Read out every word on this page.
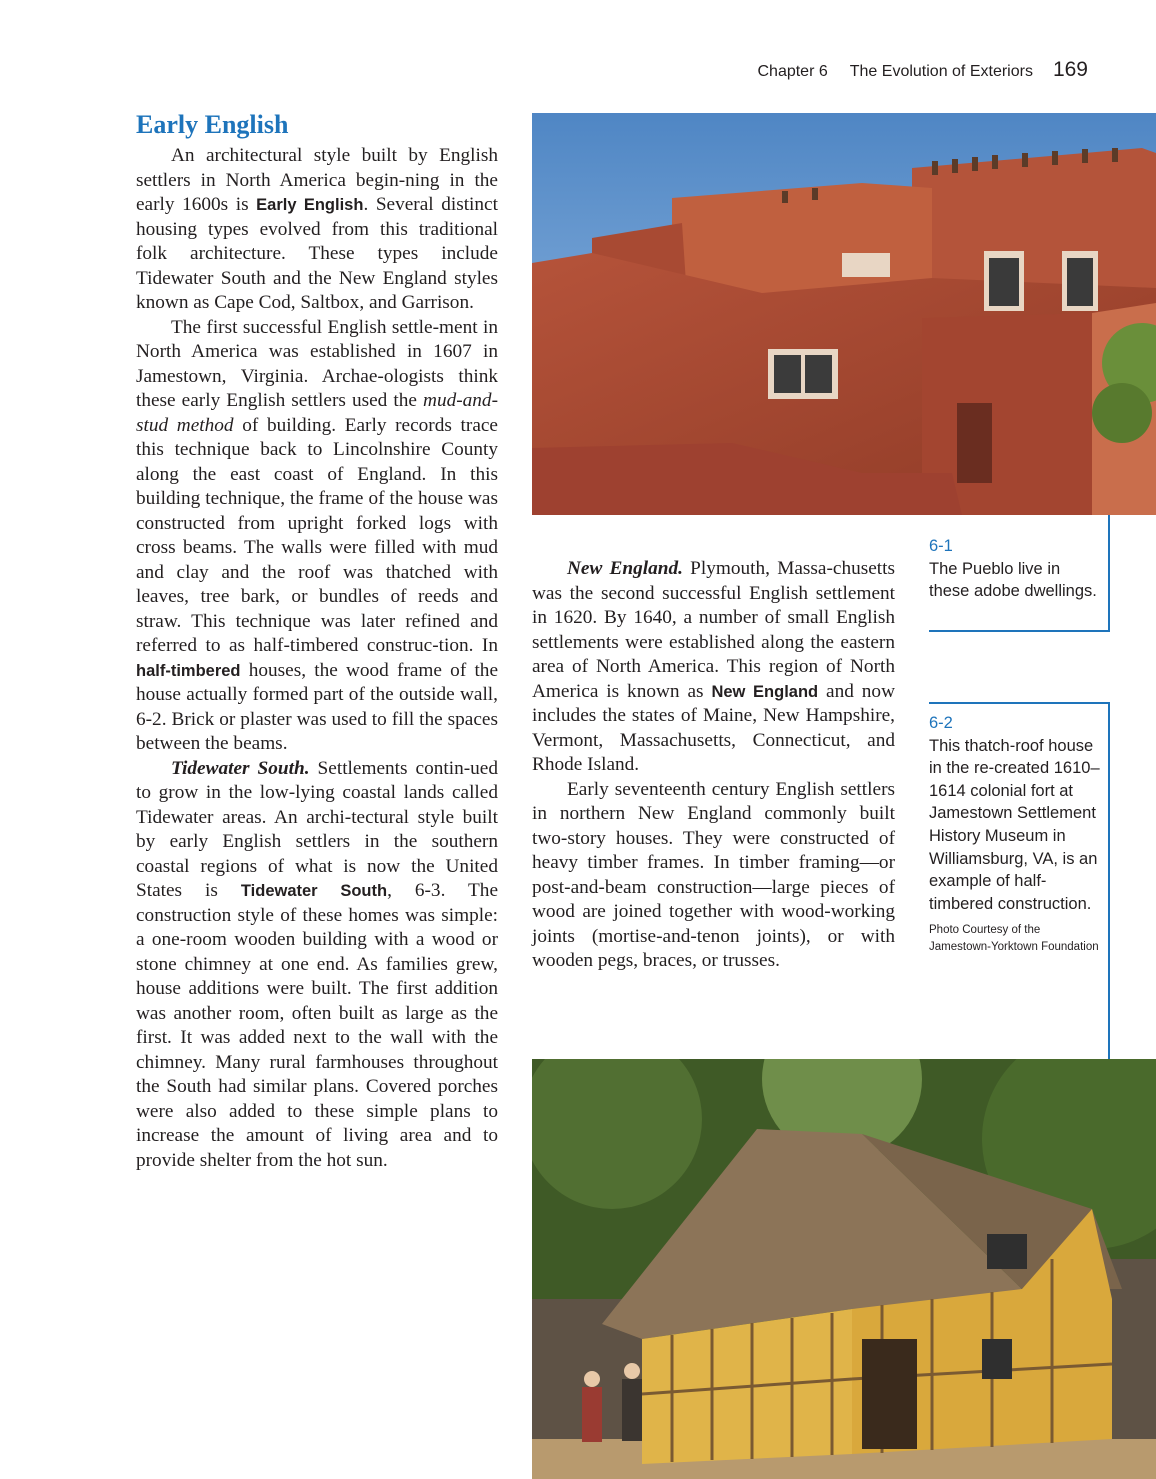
Chapter 6 The Evolution of Exteriors 169
Early English

An architectural style built by English settlers in North America begin-ning in the early 1600s is Early English. Several distinct housing types evolved from this traditional folk architecture. These types include Tidewater South and the New England styles known as Cape Cod, Saltbox, and Garrison.

The first successful English settle-ment in North America was established in 1607 in Jamestown, Virginia. Archae-ologists think these early English settlers used the mud-and-stud method of building. Early records trace this technique back to Lincolnshire County along the east coast of England. In this building technique, the frame of the house was constructed from upright forked logs with cross beams. The walls were filled with mud and clay and the roof was thatched with leaves, tree bark, or bundles of reeds and straw. This technique was later refined and referred to as half-timbered construc-tion. In half-timbered houses, the wood frame of the house actually formed part of the outside wall, 6-2. Brick or plaster was used to fill the spaces between the beams.

Tidewater South. Settlements contin-ued to grow in the low-lying coastal lands called Tidewater areas. An archi-tectural style built by early English settlers in the southern coastal regions of what is now the United States is Tidewater South, 6-3. The construction style of these homes was simple: a one-room wooden building with a wood or stone chimney at one end. As families grew, house additions were built. The first addition was another room, often built as large as the first. It was added next to the wall with the chimney. Many rural farmhouses throughout the South had similar plans. Covered porches were also added to these simple plans to increase the amount of living area and to provide shelter from the hot sun.

New England. Plymouth, Massa-chusetts was the second successful English settlement in 1620. By 1640, a number of small English settlements were established along the eastern area of North America. This region of North America is known as New England and now includes the states of Maine, New Hampshire, Vermont, Massachusetts, Connecticut, and Rhode Island.

Early seventeenth century English settlers in northern New England commonly built two-story houses. They were constructed of heavy timber frames. In timber framing—or post-and-beam construction—large pieces of wood are joined together with wood-working joints (mortise-and-tenon joints), or with wooden pegs, braces, or trusses.

6-1
The Pueblo live in these adobe dwellings.
6-2
This thatch-roof house in the re-created 1610–1614 colonial fort at Jamestown Settlement History Museum in Williamsburg, VA, is an example of half-timbered construction.
Photo Courtesy of the Jamestown-Yorktown Foundation
